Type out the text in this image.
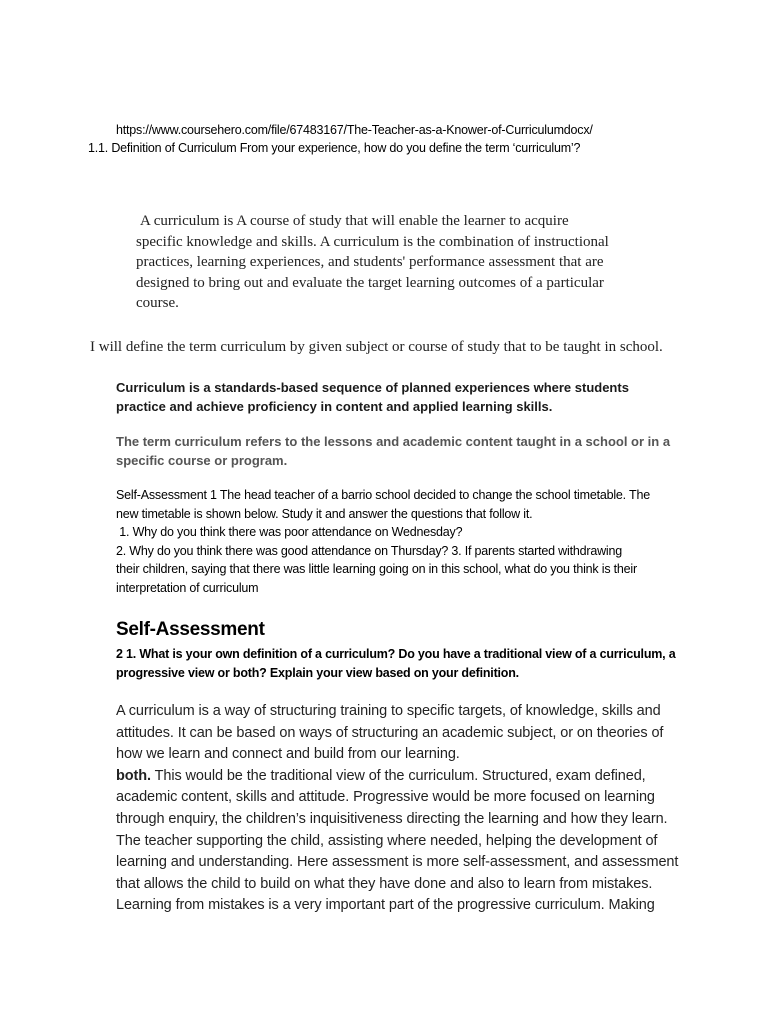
https://www.coursehero.com/file/67483167/The-Teacher-as-a-Knower-of-Curriculumdocx/
1.1. Definition of Curriculum From your experience, how do you define the term ‘curriculum’?
A curriculum is A course of study that will enable the learner to acquire
specific knowledge and skills. A curriculum is the combination of instructional
practices, learning experiences, and students' performance assessment that are
designed to bring out and evaluate the target learning outcomes of a particular
course.
I will define the term curriculum by given subject or course of study that to be taught in school.
Curriculum is a standards-based sequence of planned experiences where students
practice and achieve proficiency in content and applied learning skills.
The term curriculum refers to the lessons and academic content taught in a school or in a
specific course or program.
Self-Assessment 1 The head teacher of a barrio school decided to change the school timetable. The
new timetable is shown below. Study it and answer the questions that follow it.
1. Why do you think there was poor attendance on Wednesday?
2. Why do you think there was good attendance on Thursday? 3. If parents started withdrawing
their children, saying that there was little learning going on in this school, what do you think is their
interpretation of curriculum
Self-Assessment
2 1. What is your own definition of a curriculum? Do you have a traditional view of a curriculum, a
progressive view or both? Explain your view based on your definition.
A curriculum is a way of structuring training to specific targets, of knowledge, skills and
attitudes. It can be based on ways of structuring an academic subject, or on theories of
how we learn and connect and build from our learning.
both. This would be the traditional view of the curriculum. Structured, exam defined,
academic content, skills and attitude. Progressive would be more focused on learning
through enquiry, the children’s inquisitiveness directing the learning and how they learn.
The teacher supporting the child, assisting where needed, helping the development of
learning and understanding. Here assessment is more self-assessment, and assessment
that allows the child to build on what they have done and also to learn from mistakes.
Learning from mistakes is a very important part of the progressive curriculum. Making
